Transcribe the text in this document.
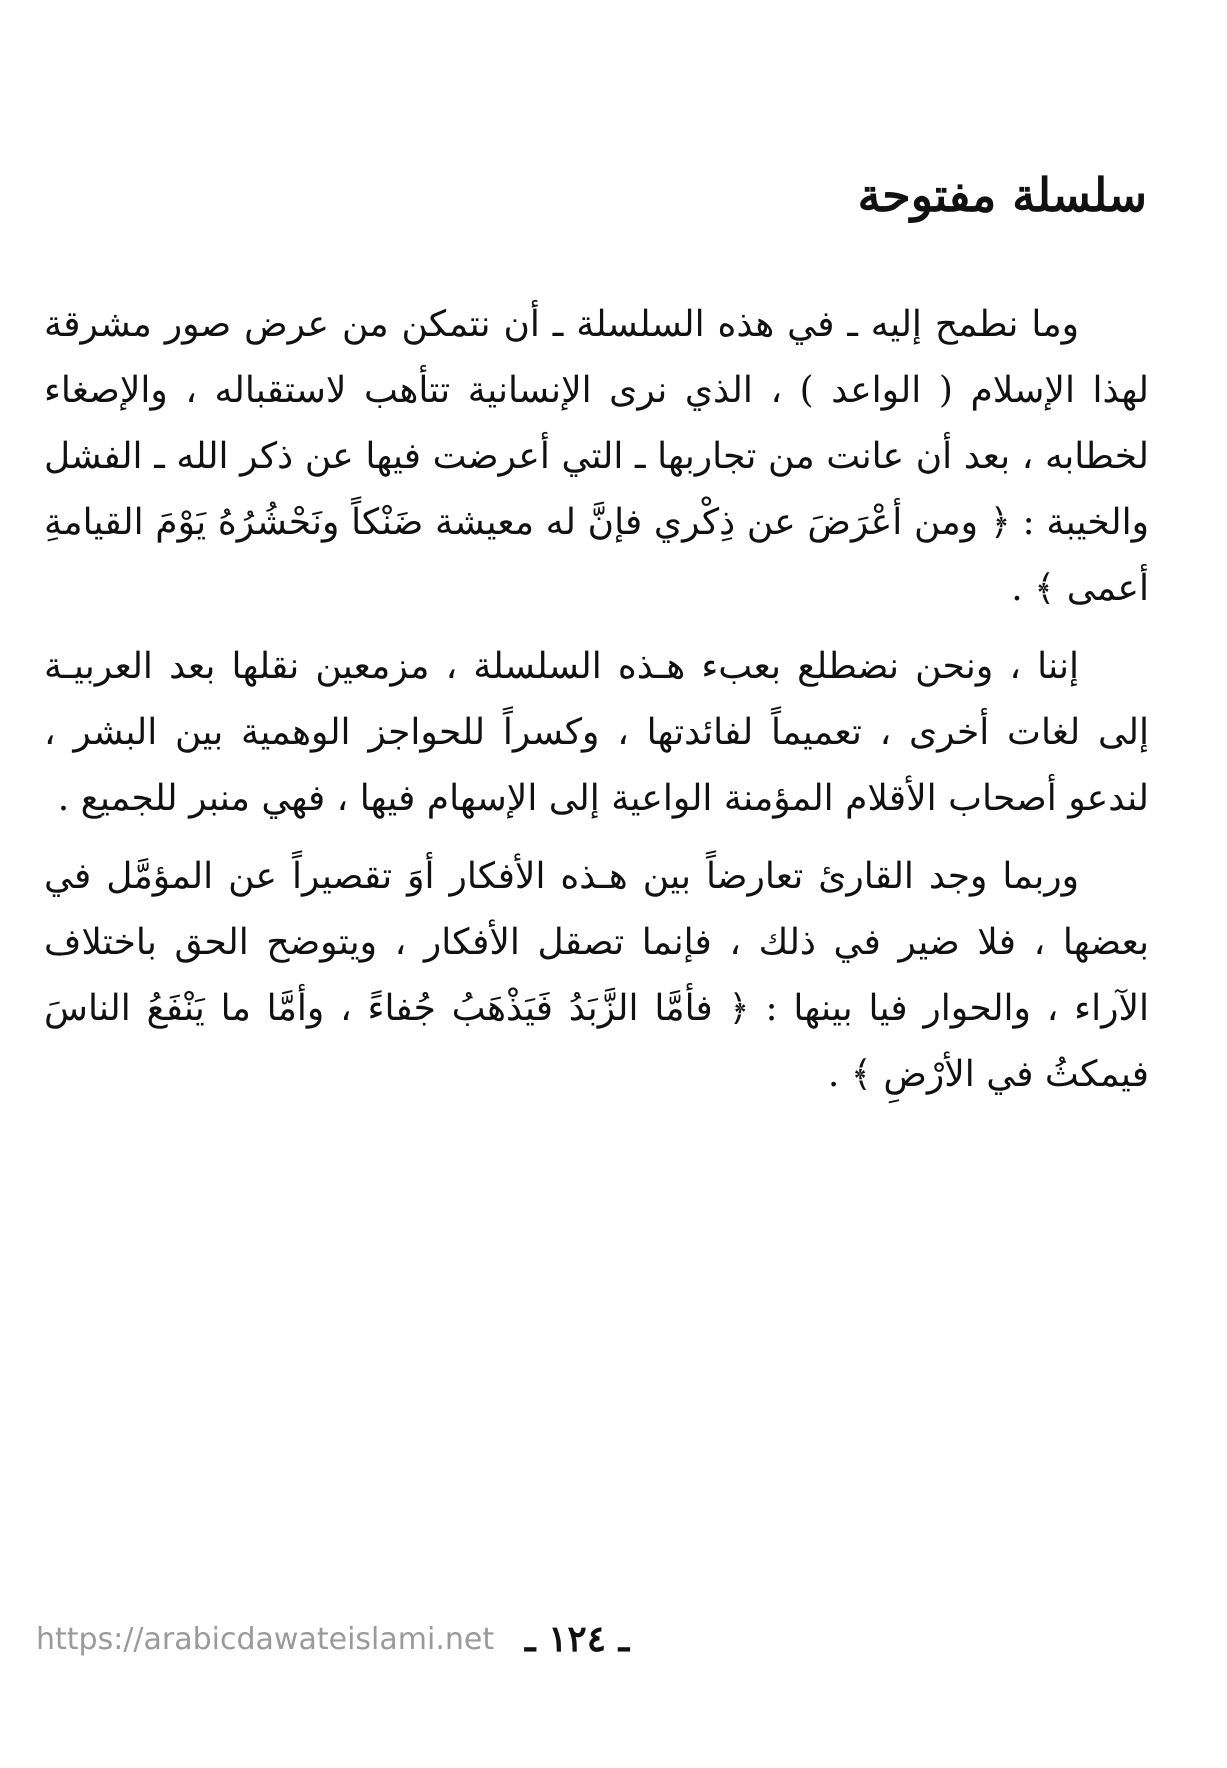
سلسلة مفتوحة

وما نطمح إليه ـ في هذه السلسلة ـ أن نتمكن من عرض صور مشرقة لهذا الإسلام ( الواعد ) ، الذي نرى الإنسانية تتأهب لاستقباله ، والإصغاء لخطابه ، بعد أن عانت من تجاربها ـ التي أعرضت فيها عن ذكر الله ـ الفشل والخيبة : ﴿ ومن أعْرَضَ عن ذِكْري فإنَّ له معيشة ضَنْكاً ونَحْشُرُهُ يَوْمَ القيامةِ أعمى ﴾ .

إننا ، ونحن نضطلع بعبء هـذه السلسلة ، مزمعين نقلها بعد العربيـة إلى لغات أخرى ، تعميماً لفائدتها ، وكسراً للحواجز الوهمية بين البشر ، لندعو أصحاب الأقلام المؤمنة الواعية إلى الإسهام فيها ، فهي منبر للجميع .

وربما وجد القارئ تعارضاً بين هـذه الأفكار أوَ تقصيراً عن المؤمَّل في بعضها ، فلا ضير في ذلك ، فإنما تصقل الأفكار ، ويتوضح الحق باختلاف الآراء ، والحوار فيا بينها : ﴿ فأمَّا الزَّبَدُ فَيَذْهَبُ جُفاءً ، وأمَّا ما يَنْفَعُ الناسَ فيمكثُ في الأرْضِ ﴾ .

https://arabicdawateislami.net ـ ١٢٤ ـ
